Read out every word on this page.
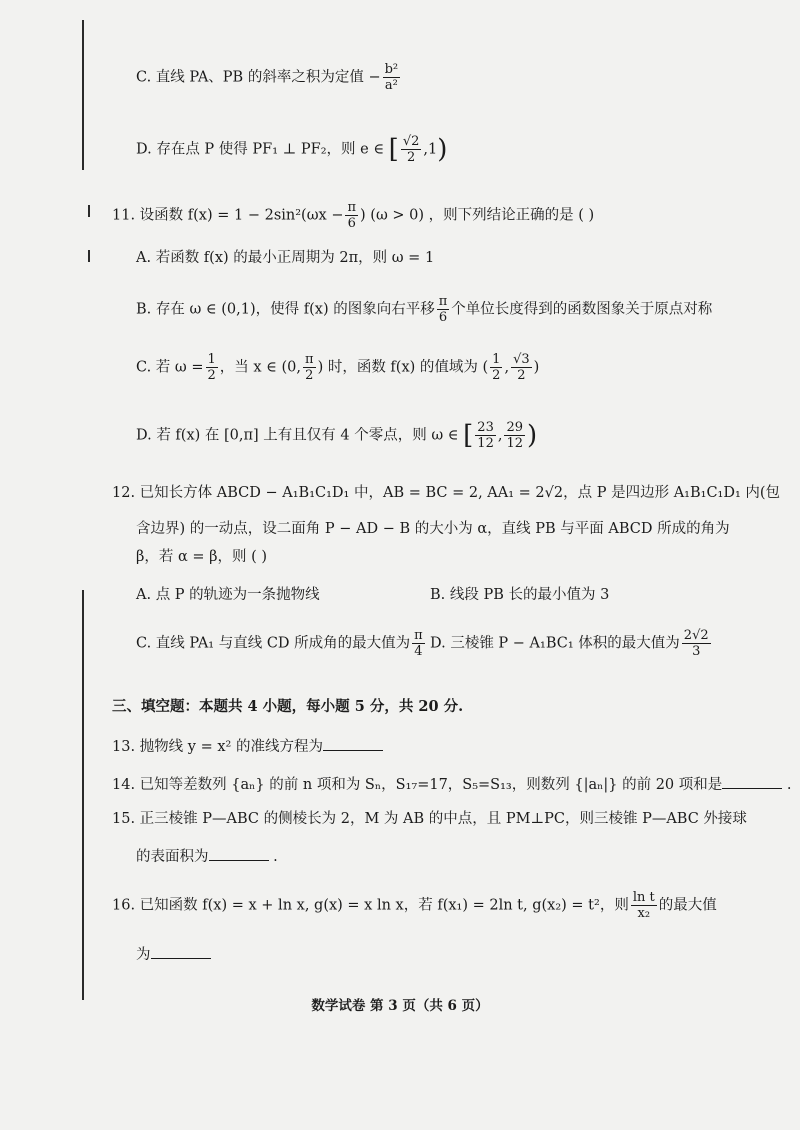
C. 直线 PA、PB 的斜率之积为定值 − $\frac{\text{b²}}{\text{a²}}$
D. 存在点 P 使得 PF₁ ⊥ PF₂，则 e ∈ [ $\frac{√2}{2} ,1$)
11. 设函数 $f(x) = 1 - 2\sin^2(\omega x - \frac{\pi}{6}$ ) (ω > 0) ，则下列结论正确的是 ( )
A. 若函数 f(x) 的最小正周期为 2π，则 ω = 1
B. 存在 ω ∈ (0,1)，使得 f(x) 的图象向右平移 $\frac{\pi}{6}$ 个单位长度得到的函数图象关于原点对称
C. 若 $\omega = \frac{1}{2}$ ，当 x ∈ (0, $\frac{\pi}{2}$ ) 时，函数 f(x) 的值域为 ( $\frac{1}{2}$ , $\frac{√3}{2}$ )
D. 若 f(x) 在 [0,π] 上有且仅有 4 个零点，则 ω ∈ [ $\frac{23}{12}$ , $\frac{29}{12}$ )
12. 已知长方体 ABCD − A₁B₁C₁D₁ 中，AB = BC = 2, AA₁ = 2√2，点 P 是四边形 A₁B₁C₁D₁ 内(包
含边界) 的一动点，设二面角 P − AD − B 的大小为 α，直线 PB 与平面 ABCD 所成的角为
β，若 α = β，则 ( )
A. 点 P 的轨迹为一条抛物线	B. 线段 PB 长的最小值为 3
C. 直线 PA₁ 与直线 CD 所成角的最大值为 $\frac{\pi}{4} D$. 三棱锥 P − A₁BC₁ 体积的最大值为 $\frac{2√2}{3}$
三、填空题：本题共 4 小题，每小题 5 分，共 20 分.
13. 抛物线 y = x² 的准线方程为
14. 已知等差数列 {aₙ} 的前 n 项和为 Sₙ，S₁₇=17，S₅=S₁₃，则数列 {|aₙ|} 的前 20 项和是	.
15. 正三棱锥 P—ABC 的侧棱长为 2，M 为 AB 的中点，且 PM⊥PC，则三棱锥 P—ABC 外接球
的表面积为	.
16. 已知函数 f(x) = x + ln x, g(x) = x ln x，若 f(x₁) = 2ln t, g(x₂) = t²，则 $\frac{\text{ln t}}{\text{x₂}}$ 的最大值
为
数学试卷 第 3 页（共 6 页）
